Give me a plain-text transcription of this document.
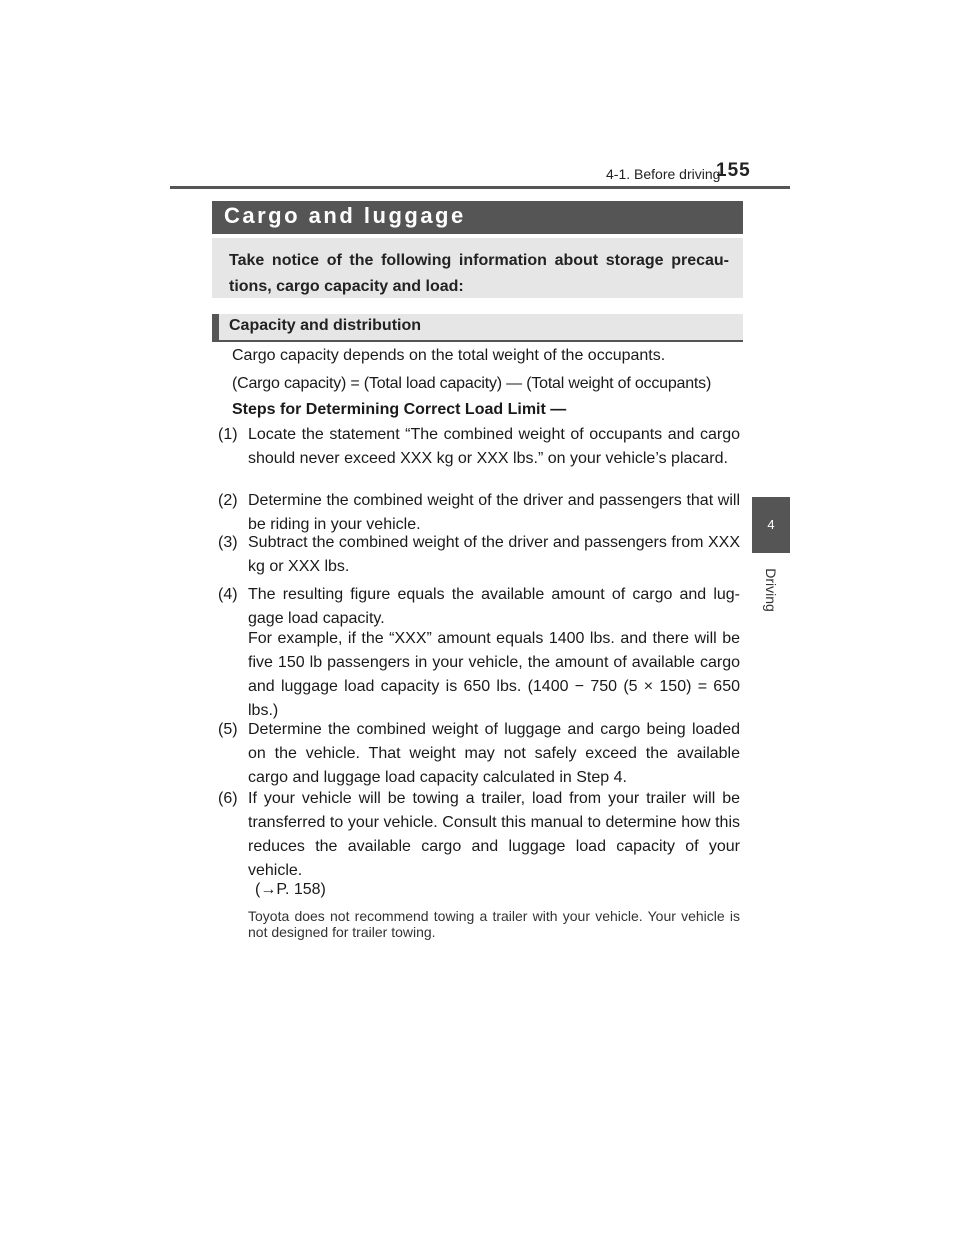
4-1. Before driving
155
4
Driving
Cargo and luggage

Take notice of the following information about storage precau-tions, cargo capacity and load:

Capacity and distribution
Cargo capacity depends on the total weight of the occupants.
(Cargo capacity) = (Total load capacity) — (Total weight of occupants)
Steps for Determining Correct Load Limit —
(1) Locate the statement “The combined weight of occupants and cargo should never exceed XXX kg or XXX lbs.” on your vehicle’s placard.
(2) Determine the combined weight of the driver and passengers that will be riding in your vehicle.
(3) Subtract the combined weight of the driver and passengers from XXX kg or XXX lbs.
(4) The resulting figure equals the available amount of cargo and lug-gage load capacity.
For example, if the “XXX” amount equals 1400 lbs. and there will be five 150 lb passengers in your vehicle, the amount of available cargo and luggage load capacity is 650 lbs. (1400 − 750 (5 × 150) = 650 lbs.)
(5) Determine the combined weight of luggage and cargo being loaded on the vehicle. That weight may not safely exceed the available cargo and luggage load capacity calculated in Step 4.
(6) If your vehicle will be towing a trailer, load from your trailer will be transferred to your vehicle. Consult this manual to determine how this reduces the available cargo and luggage load capacity of your vehicle.
(→P. 158)
Toyota does not recommend towing a trailer with your vehicle. Your vehicle is not designed for trailer towing.
